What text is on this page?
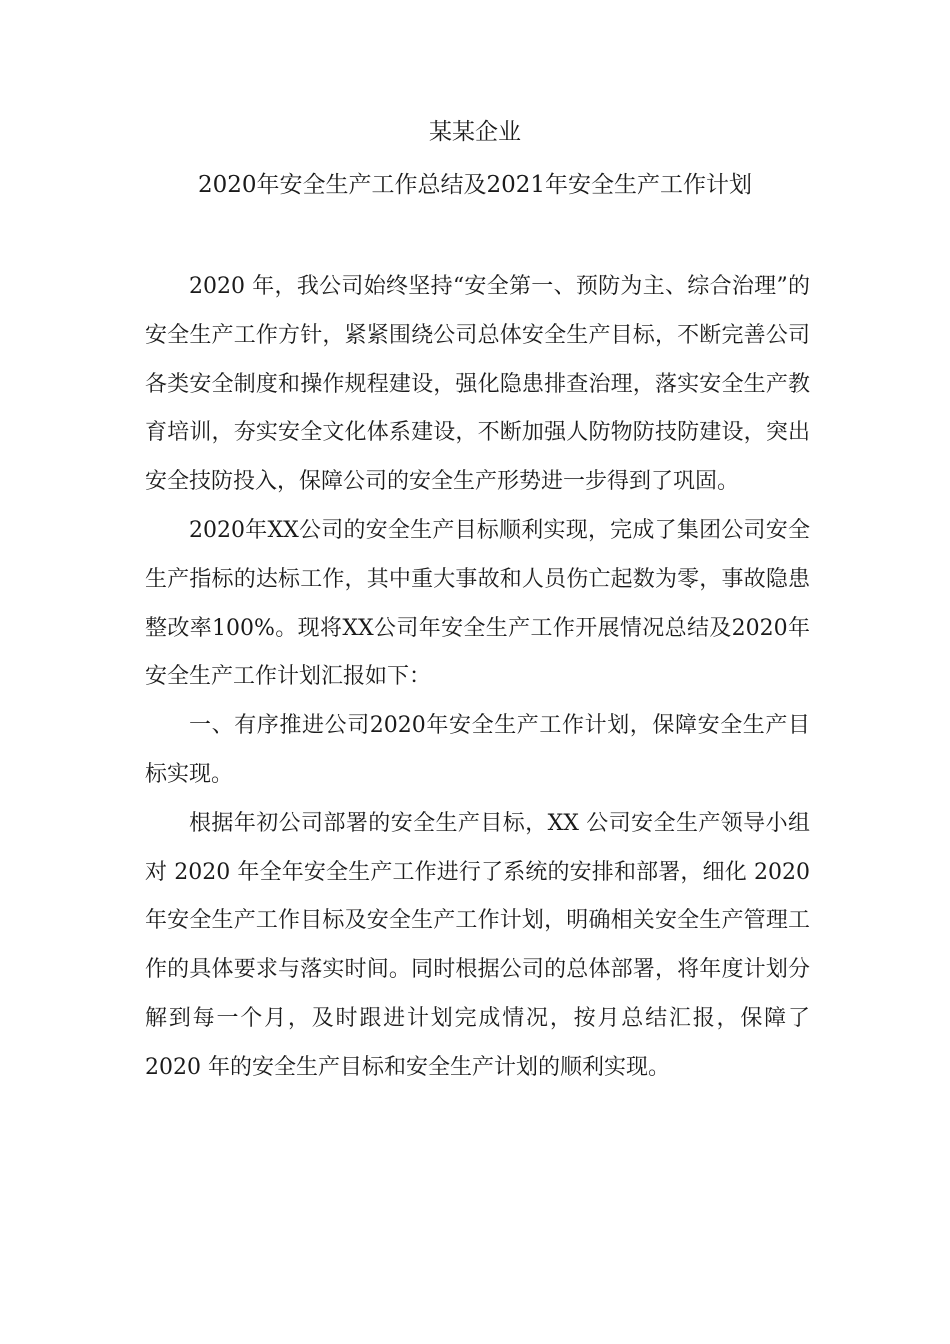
某某企业
2020年安全生产工作总结及2021年安全生产工作计划

2020 年，我公司始终坚持“安全第一、预防为主、综合治理”的安全生产工作方针，紧紧围绕公司总体安全生产目标，不断完善公司各类安全制度和操作规程建设，强化隐患排查治理，落实安全生产教育培训，夯实安全文化体系建设，不断加强人防物防技防建设，突出安全技防投入，保障公司的安全生产形势进一步得到了巩固。

2020年XX公司的安全生产目标顺利实现，完成了集团公司安全生产指标的达标工作，其中重大事故和人员伤亡起数为零，事故隐患整改率100%。现将XX公司年安全生产工作开展情况总结及2020年安全生产工作计划汇报如下：

一、有序推进公司2020年安全生产工作计划，保障安全生产目标实现。

根据年初公司部署的安全生产目标，XX 公司安全生产领导小组对 2020 年全年安全生产工作进行了系统的安排和部署，细化 2020 年安全生产工作目标及安全生产工作计划，明确相关安全生产管理工作的具体要求与落实时间。同时根据公司的总体部署，将年度计划分解到每一个月，及时跟进计划完成情况，按月总结汇报，保障了 2020 年的安全生产目标和安全生产计划的顺利实现。
